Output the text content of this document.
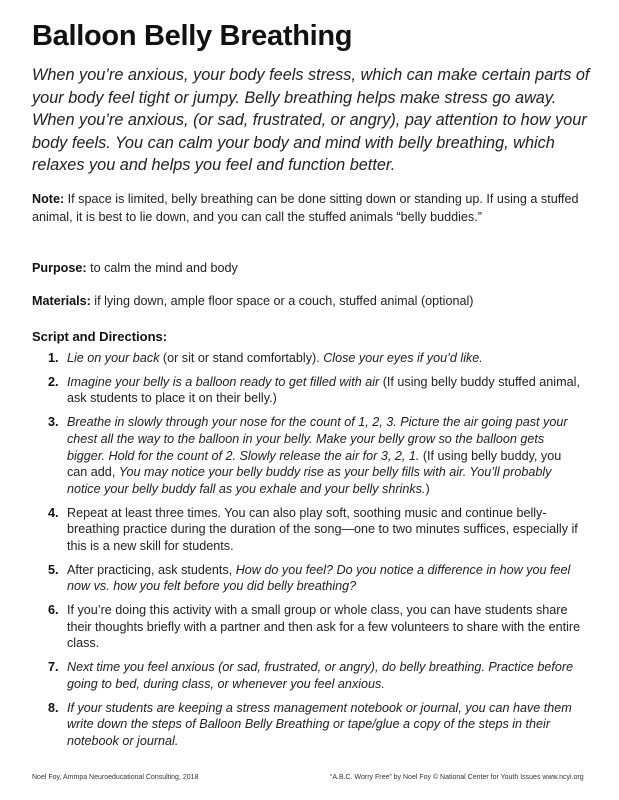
Balloon Belly Breathing

When you’re anxious, your body feels stress, which can make certain parts of your body feel tight or jumpy. Belly breathing helps make stress go away. When you’re anxious, (or sad, frustrated, or angry), pay attention to how your body feels. You can calm your body and mind with belly breathing, which relaxes you and helps you feel and function better.

Note: If space is limited, belly breathing can be done sitting down or standing up. If using a stuffed animal, it is best to lie down, and you can call the stuffed animals “belly buddies.”

Purpose: to calm the mind and body

Materials: if lying down, ample floor space or a couch, stuffed animal (optional)

Script and Directions:

1. Lie on your back (or sit or stand comfortably). Close your eyes if you’d like.
2. Imagine your belly is a balloon ready to get filled with air (If using belly buddy stuffed animal, ask students to place it on their belly.)
3. Breathe in slowly through your nose for the count of 1, 2, 3. Picture the air going past your chest all the way to the balloon in your belly. Make your belly grow so the balloon gets bigger. Hold for the count of 2. Slowly release the air for 3, 2, 1. (If using belly buddy, you can add, You may notice your belly buddy rise as your belly fills with air. You’ll probably notice your belly buddy fall as you exhale and your belly shrinks.)
4. Repeat at least three times. You can also play soft, soothing music and continue belly-breathing practice during the duration of the song—one to two minutes suffices, especially if this is a new skill for students.
5. After practicing, ask students, How do you feel? Do you notice a difference in how you feel now vs. how you felt before you did belly breathing?
6. If you’re doing this activity with a small group or whole class, you can have students share their thoughts briefly with a partner and then ask for a few volunteers to share with the entire class.
7. Next time you feel anxious (or sad, frustrated, or angry), do belly breathing. Practice before going to bed, during class, or whenever you feel anxious.
8. If your students are keeping a stress management notebook or journal, you can have them write down the steps of Balloon Belly Breathing or tape/glue a copy of the steps in their notebook or journal.
Noel Foy, Ammpa Neuroeducational Consulting, 2018	“A.B.C. Worry Free” by Noel Foy © National Center for Youth Issues www.ncyi.org
